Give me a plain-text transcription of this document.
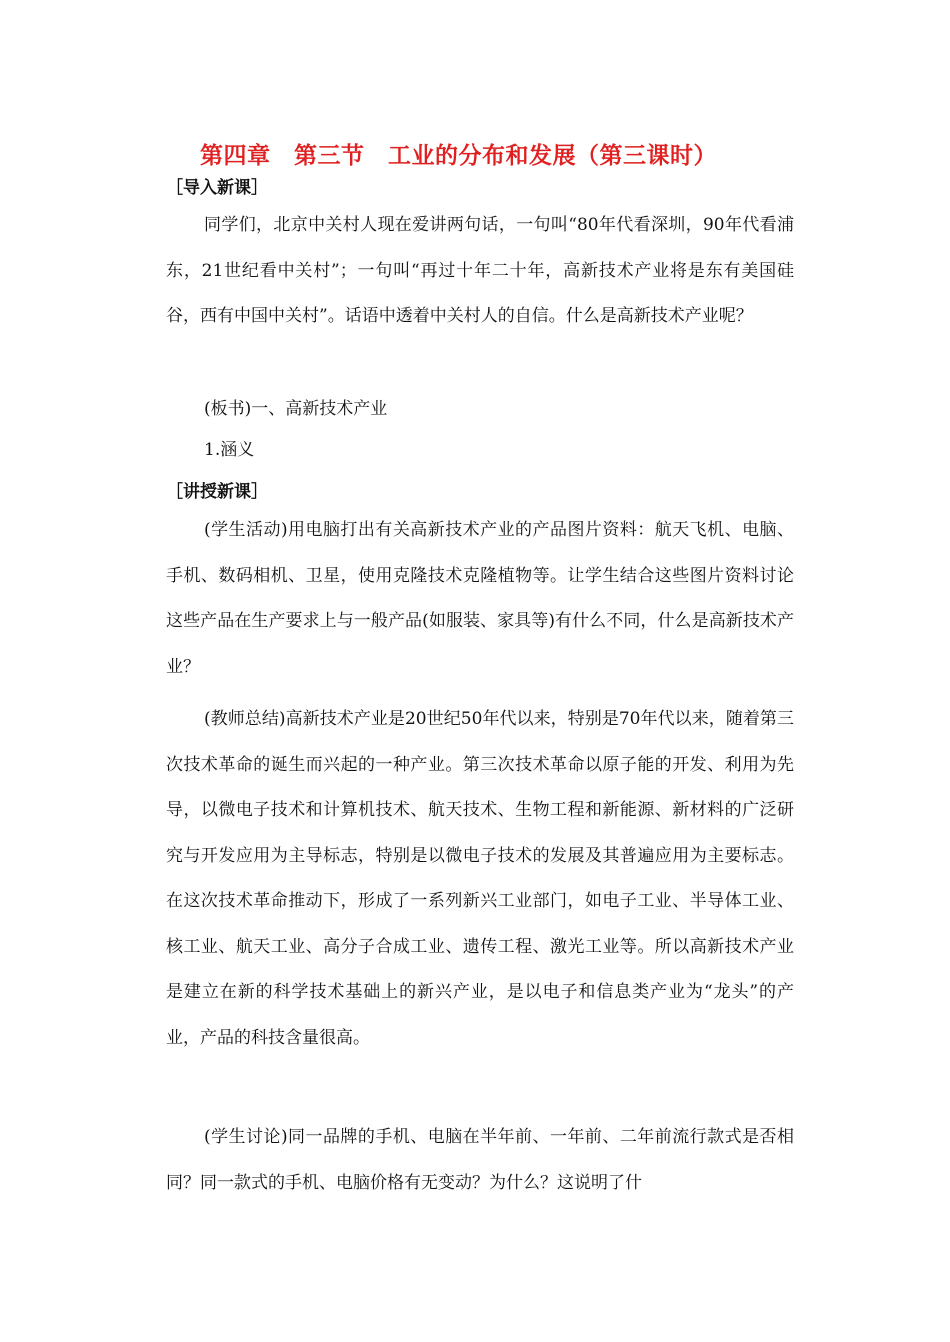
第四章　第三节　工业的分布和发展（第三课时）
［导入新课］

同学们，北京中关村人现在爱讲两句话，一句叫“80年代看深圳，90年代看浦东，21世纪看中关村”；一句叫“再过十年二十年，高新技术产业将是东有美国硅谷，西有中国中关村”。话语中透着中关村人的自信。什么是高新技术产业呢？

(板书)一、高新技术产业
1.涵义
［讲授新课］

(学生活动)用电脑打出有关高新技术产业的产品图片资料：航天飞机、电脑、手机、数码相机、卫星，使用克隆技术克隆植物等。让学生结合这些图片资料讨论这些产品在生产要求上与一般产品(如服装、家具等)有什么不同，什么是高新技术产业？

(教师总结)高新技术产业是20世纪50年代以来，特别是70年代以来，随着第三次技术革命的诞生而兴起的一种产业。第三次技术革命以原子能的开发、利用为先导，以微电子技术和计算机技术、航天技术、生物工程和新能源、新材料的广泛研究与开发应用为主导标志，特别是以微电子技术的发展及其普遍应用为主要标志。在这次技术革命推动下，形成了一系列新兴工业部门，如电子工业、半导体工业、核工业、航天工业、高分子合成工业、遗传工程、激光工业等。所以高新技术产业是建立在新的科学技术基础上的新兴产业，是以电子和信息类产业为“龙头”的产业，产品的科技含量很高。

(学生讨论)同一品牌的手机、电脑在半年前、一年前、二年前流行款式是否相同？同一款式的手机、电脑价格有无变动？为什么？这说明了什
